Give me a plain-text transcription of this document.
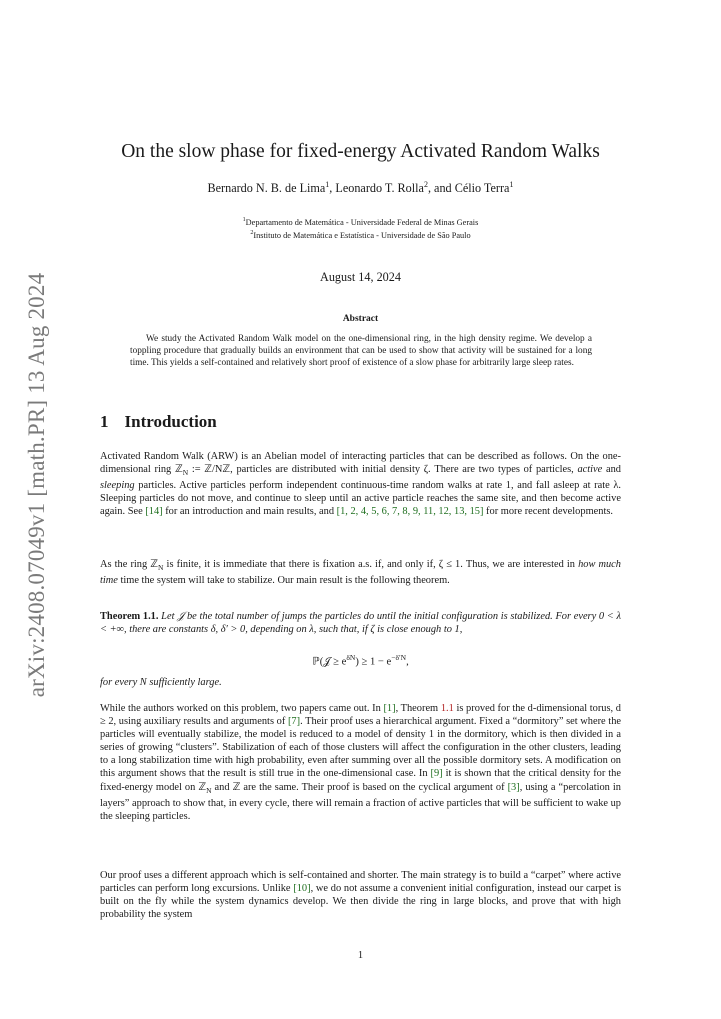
arXiv:2408.07049v1 [math.PR] 13 Aug 2024
On the slow phase for fixed-energy Activated Random Walks
Bernardo N. B. de Lima$^1$, Leonardo T. Rolla$^2$, and Célio Terra$^1$
$^1$Departamento de Matemática - Universidade Federal de Minas Gerais
$^2$Instituto de Matemática e Estatística - Universidade de São Paulo
August 14, 2024
Abstract
We study the Activated Random Walk model on the one-dimensional ring, in the high density regime. We develop a toppling procedure that gradually builds an environment that can be used to show that activity will be sustained for a long time. This yields a self-contained and relatively short proof of existence of a slow phase for arbitrarily large sleep rates.
1 Introduction
Activated Random Walk (ARW) is an Abelian model of interacting particles that can be described as follows. On the one-dimensional ring ℤ$_N$ := ℤ/Nℤ, particles are distributed with initial density ζ. There are two types of particles, active and sleeping particles. Active particles perform independent continuous-time random walks at rate 1, and fall asleep at rate λ. Sleeping particles do not move, and continue to sleep until an active particle reaches the same site, and then become active again. See [14] for an introduction and main results, and [1, 2, 4, 5, 6, 7, 8, 9, 11, 12, 13, 15] for more recent developments.
As the ring ℤ$_N$ is finite, it is immediate that there is fixation a.s. if, and only if, ζ ≤ 1. Thus, we are interested in how much time time the system will take to stabilize. Our main result is the following theorem.
Theorem 1.1. Let 𝒥 be the total number of jumps the particles do until the initial configuration is stabilized. For every 0 < λ < +∞, there are constants δ, δ′ > 0, depending on λ, such that, if ζ is close enough to 1,
ℙ(𝒥 ≥ $e^{\delta N}) \ge 1 - e^{-\delta'N}$,
for every N sufficiently large.
While the authors worked on this problem, two papers came out. In [1], Theorem 1.1 is proved for the d-dimensional torus, d ≥ 2, using auxiliary results and arguments of [7]. Their proof uses a hierarchical argument. Fixed a “dormitory” set where the particles will eventually stabilize, the model is reduced to a model of density 1 in the dormitory, which is then divided in a series of growing “clusters”. Stabilization of each of those clusters will affect the configuration in the other clusters, leading to a long stabilization time with high probability, even after summing over all the possible dormitory sets. A modification on this argument shows that the result is still true in the one-dimensional case. In [9] it is shown that the critical density for the fixed-energy model on ℤ$_N$ and ℤ are the same. Their proof is based on the cyclical argument of [3], using a “percolation in layers” approach to show that, in every cycle, there will remain a fraction of active particles that will be sufficient to wake up the sleeping particles.
Our proof uses a different approach which is self-contained and shorter. The main strategy is to build a “carpet” where active particles can perform long excursions. Unlike [10], we do not assume a convenient initial configuration, instead our carpet is built on the fly while the system dynamics develop. We then divide the ring in large blocks, and prove that with high probability the system
1
